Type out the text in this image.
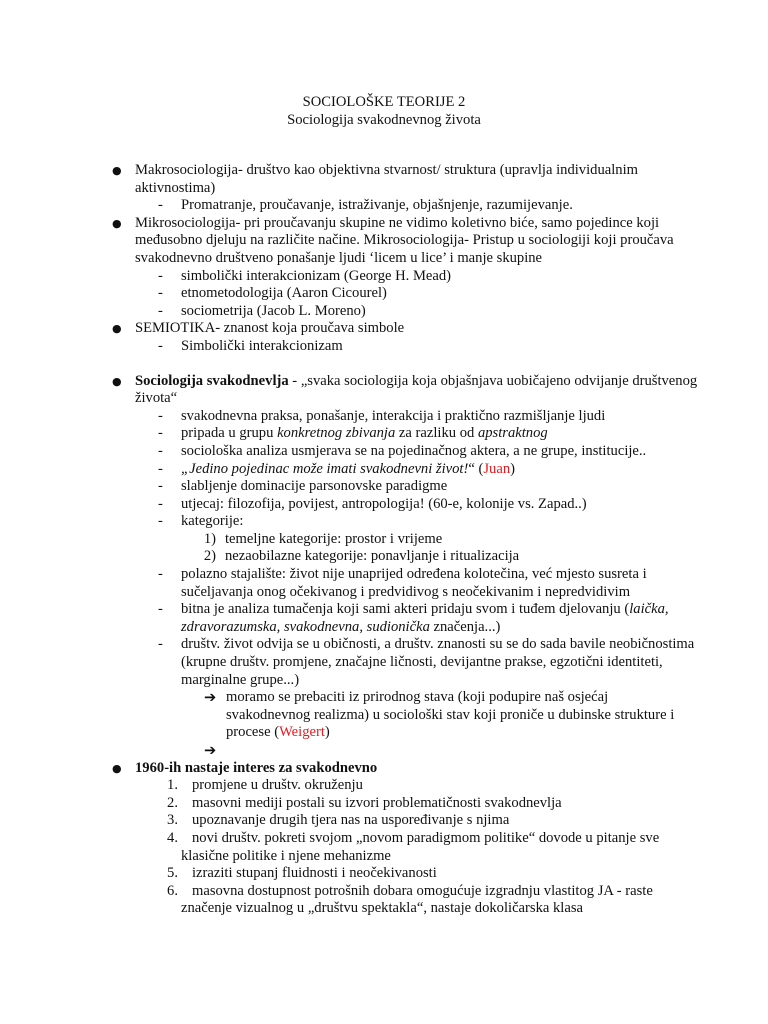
SOCIOLOŠKE TEORIJE 2
Sociologija svakodnevnog života
● Makrosociologija- društvo kao objektivna stvarnost/ struktura (upravlja individualnim aktivnostima)
- Promatranje, proučavanje, istraživanje, objašnjenje, razumijevanje.
● Mikrosociologija- pri proučavanju skupine ne vidimo koletivno biće, samo pojedince koji međusobno djeluju na različite načine. Mikrosociologija- Pristup u sociologiji koji proučava svakodnevno društveno ponašanje ljudi ‘licem u lice’ i manje skupine
- simbolički interakcionizam (George H. Mead)
- etnometodologija (Aaron Cicourel)
- sociometrija (Jacob L. Moreno)
● SEMIOTIKA- znanost koja proučava simbole
- Simbolički interakcionizam
● Sociologija svakodnevlja - „svaka sociologija koja objašnjava uobičajeno odvijanje društvenog života“
- svakodnevna praksa, ponašanje, interakcija i praktično razmišljanje ljudi
- pripada u grupu konkretnog zbivanja za razliku od apstraktnog
- sociološka analiza usmjerava se na pojedinačnog aktera, a ne grupe, institucije..
- „Jedino pojedinac može imati svakodnevni život!“ (Juan)
- slabljenje dominacije parsonovske paradigme
- utjecaj: filozofija, povijest, antropologija! (60-e, kolonije vs. Zapad..)
- kategorije:
1) temeljne kategorije: prostor i vrijeme
2) nezaobilazne kategorije: ponavljanje i ritualizacija
- polazno stajalište: život nije unaprijed određena kolotečina, već mjesto susreta i sučeljavanja onog očekivanog i predvidivog s neočekivanim i nepredvidivim
- bitna je analiza tumačenja koji sami akteri pridaju svom i tuđem djelovanju (laička, zdravorazumska, svakodnevna, sudionička značenja...)
- društv. život odvija se u običnosti, a društv. znanosti su se do sada bavile neobičnostima (krupne društv. promjene, značajne ličnosti, devijantne prakse, egzotični identiteti, marginalne grupe...)
➔ moramo se prebaciti iz prirodnog stava (koji podupire naš osjećaj svakodnevnog realizma) u sociološki stav koji proniče u dubinske strukture i procese (Weigert)
➔

● 1960-ih nastaje interes za svakodnevno
1. promjene u društv. okruženju
2. masovni mediji postali su izvori problematičnosti svakodnevlja
3. upoznavanje drugih tjera nas na uspoređivanje s njima
4. novi društv. pokreti svojom „novom paradigmom politike“ dovode u pitanje sve
klasične politike i njene mehanizme
5. izraziti stupanj fluidnosti i neočekivanosti
6. masovna dostupnost potrošnih dobara omogućuje izgradnju vlastitog JA - raste
značenje vizualnog u „društvu spektakla“, nastaje dokoličarska klasa
